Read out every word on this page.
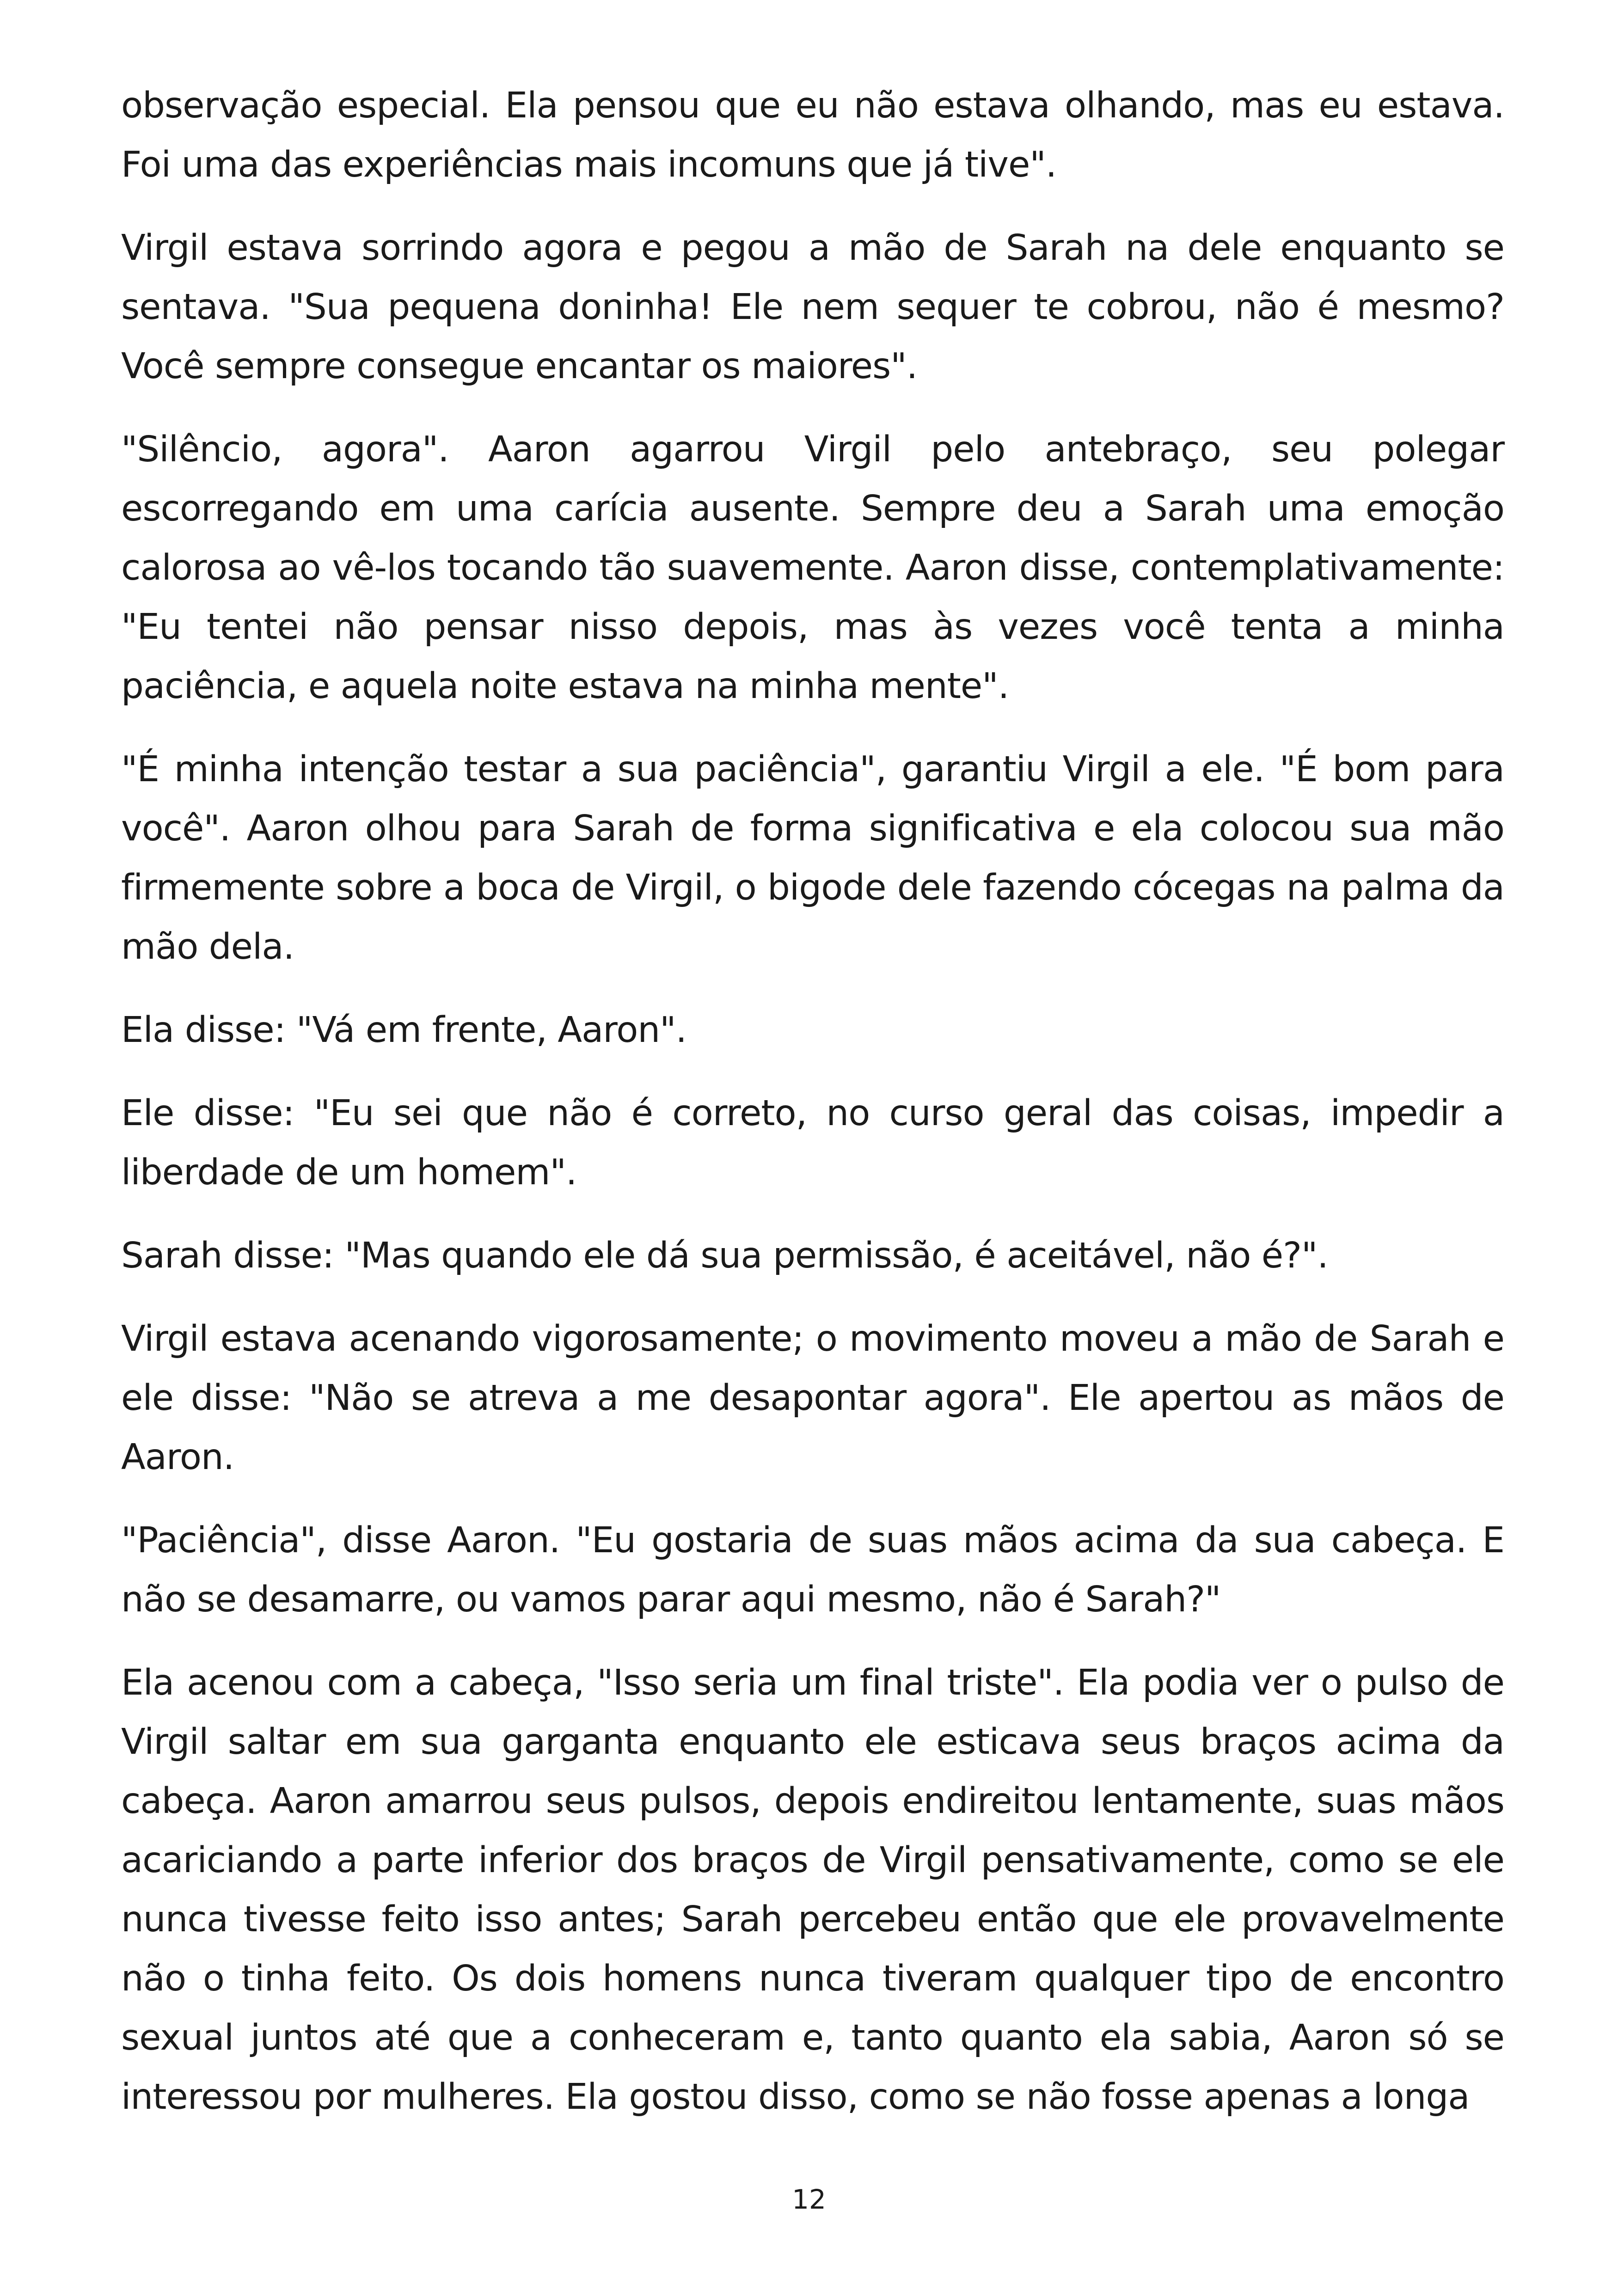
observação especial. Ela pensou que eu não estava olhando, mas eu estava. Foi uma das experiências mais incomuns que já tive".

Virgil estava sorrindo agora e pegou a mão de Sarah na dele enquanto se sentava. "Sua pequena doninha! Ele nem sequer te cobrou, não é mesmo? Você sempre consegue encantar os maiores".

"Silêncio, agora". Aaron agarrou Virgil pelo antebraço, seu polegar escorregando em uma carícia ausente. Sempre deu a Sarah uma emoção calorosa ao vê-los tocando tão suavemente. Aaron disse, contemplativamente: "Eu tentei não pensar nisso depois, mas às vezes você tenta a minha paciência, e aquela noite estava na minha mente".

"É minha intenção testar a sua paciência", garantiu Virgil a ele. "É bom para você". Aaron olhou para Sarah de forma significativa e ela colocou sua mão firmemente sobre a boca de Virgil, o bigode dele fazendo cócegas na palma da mão dela.

Ela disse: "Vá em frente, Aaron".

Ele disse: "Eu sei que não é correto, no curso geral das coisas, impedir a liberdade de um homem".

Sarah disse: "Mas quando ele dá sua permissão, é aceitável, não é?".

Virgil estava acenando vigorosamente; o movimento moveu a mão de Sarah e ele disse: "Não se atreva a me desapontar agora". Ele apertou as mãos de Aaron.

"Paciência", disse Aaron. "Eu gostaria de suas mãos acima da sua cabeça. E não se desamarre, ou vamos parar aqui mesmo, não é Sarah?"

Ela acenou com a cabeça, "Isso seria um final triste". Ela podia ver o pulso de Virgil saltar em sua garganta enquanto ele esticava seus braços acima da cabeça. Aaron amarrou seus pulsos, depois endireitou lentamente, suas mãos acariciando a parte inferior dos braços de Virgil pensativamente, como se ele nunca tivesse feito isso antes; Sarah percebeu então que ele provavelmente não o tinha feito. Os dois homens nunca tiveram qualquer tipo de encontro sexual juntos até que a conheceram e, tanto quanto ela sabia, Aaron só se interessou por mulheres. Ela gostou disso, como se não fosse apenas a longa

12
